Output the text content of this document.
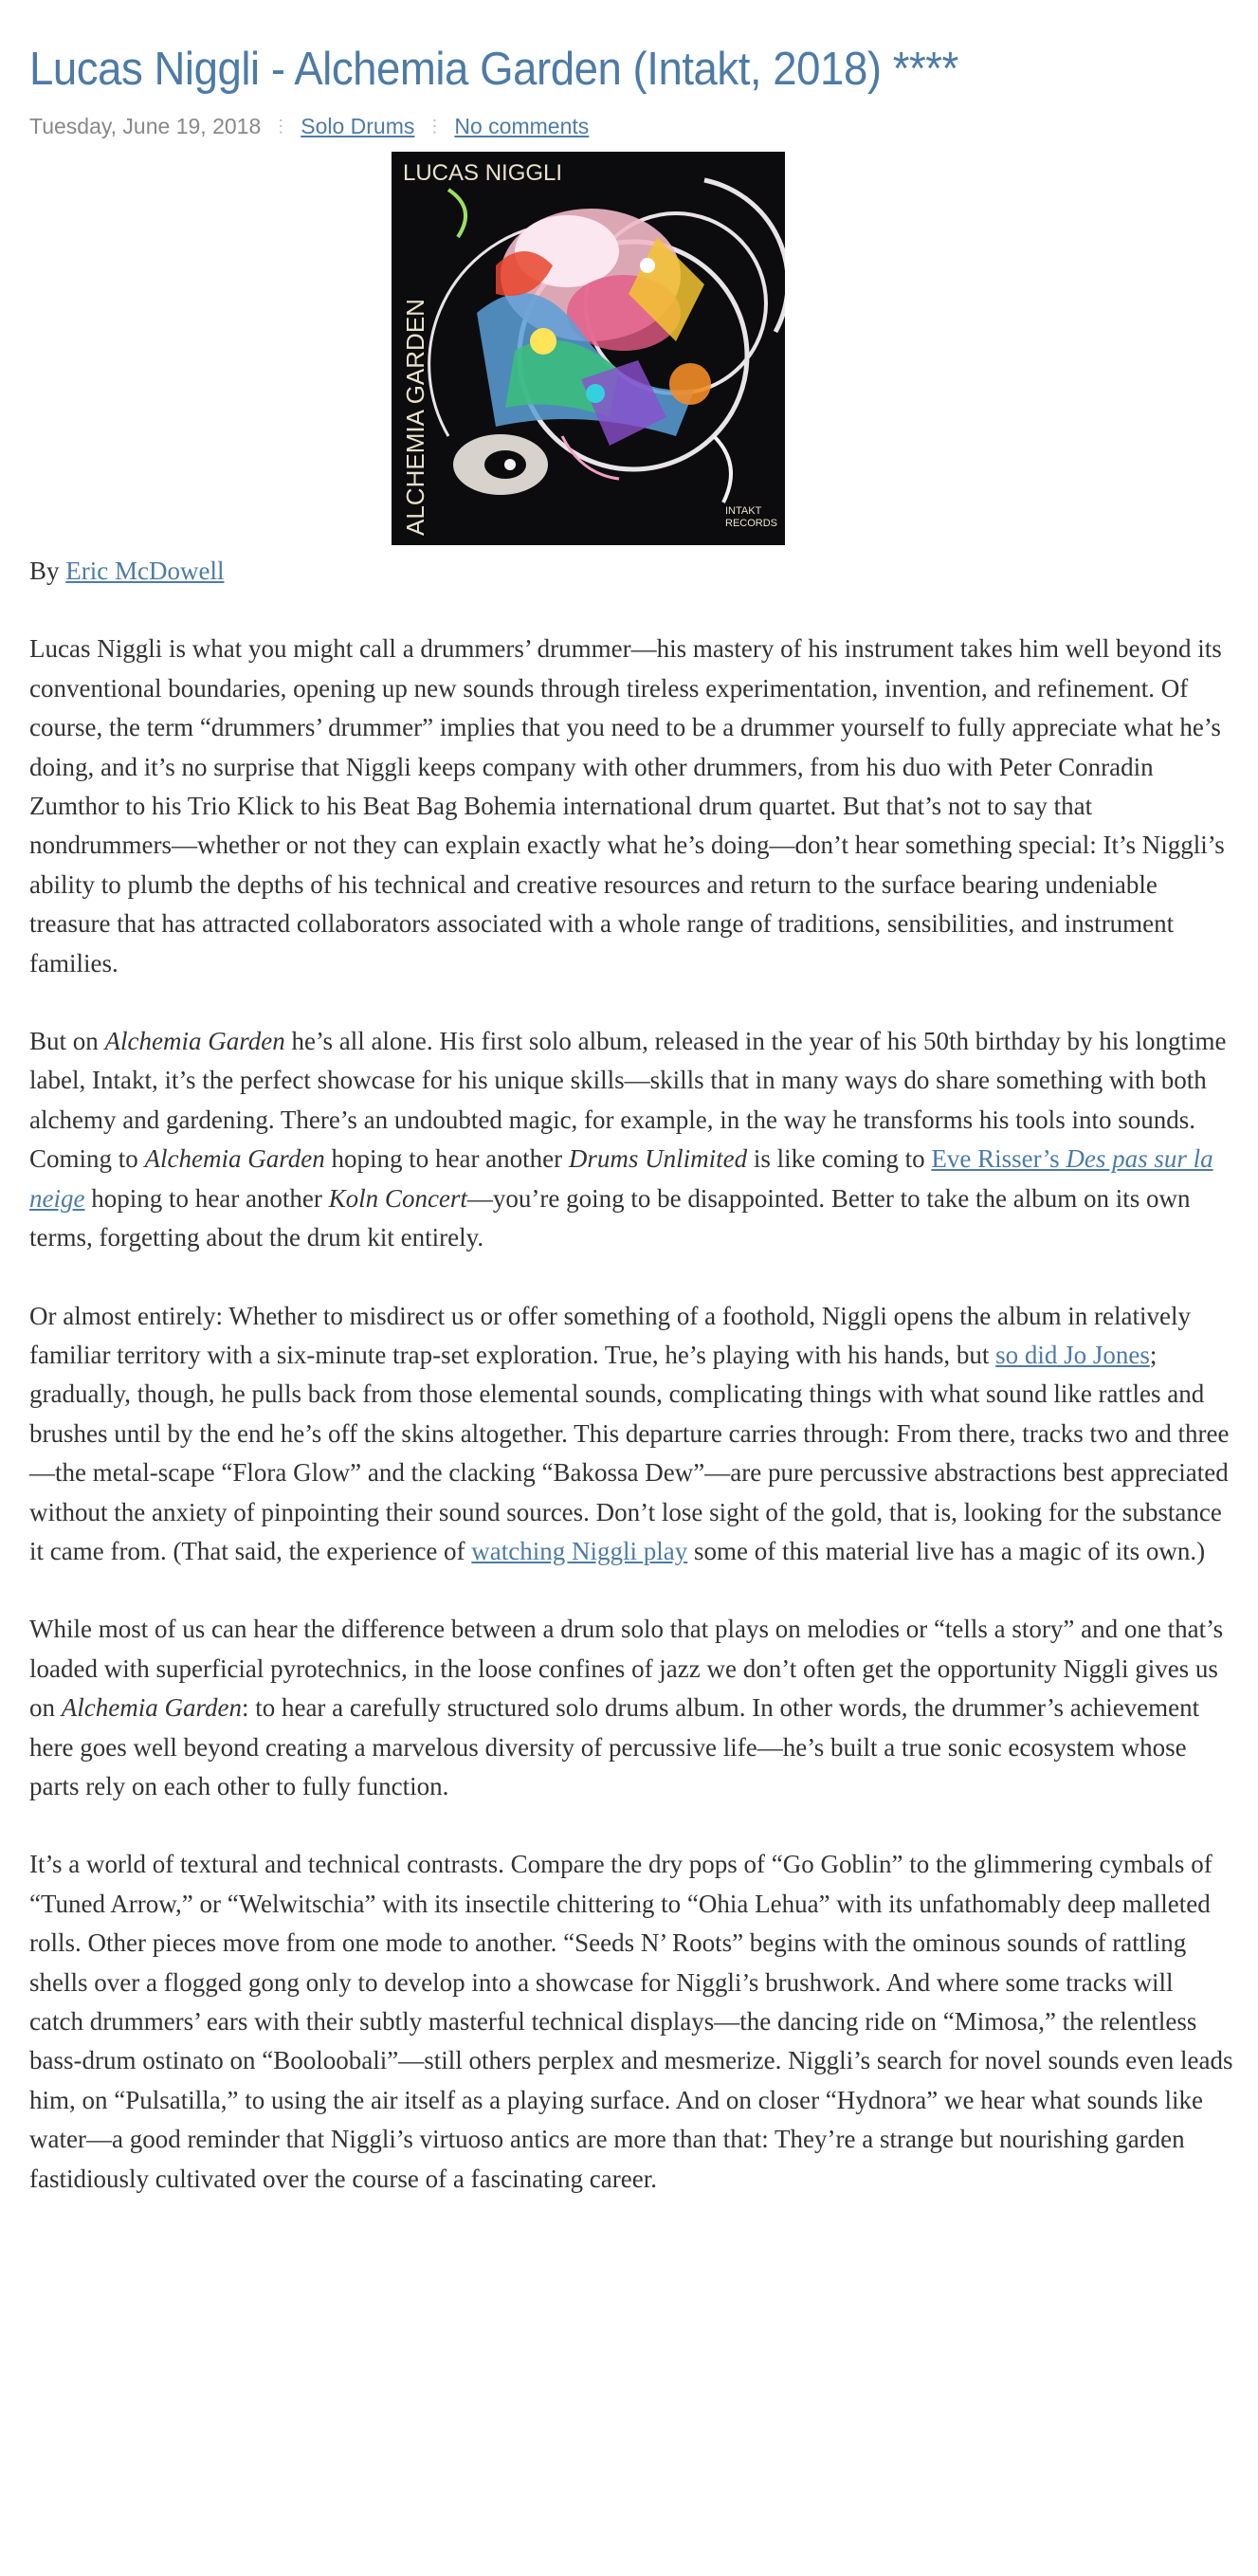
Lucas Niggli - Alchemia Garden (Intakt, 2018) ****
Tuesday, June 19, 2018 ⋮ Solo Drums ⋮ No comments
LUCAS NIGGLI
ALCHEMIA GARDEN	INTAKT
RECORDS

By Eric McDowell

Lucas Niggli is what you might call a drummers’ drummer—his mastery of his instrument takes him well beyond its conventional boundaries, opening up new sounds through tireless experimentation, invention, and refinement. Of course, the term “drummers’ drummer” implies that you need to be a drummer yourself to fully appreciate what he’s doing, and it’s no surprise that Niggli keeps company with other drummers, from his duo with Peter Conradin Zumthor to his Trio Klick to his Beat Bag Bohemia international drum quartet. But that’s not to say that nondrummers—whether or not they can explain exactly what he’s doing—don’t hear something special: It’s Niggli’s ability to plumb the depths of his technical and creative resources and return to the surface bearing undeniable treasure that has attracted collaborators associated with a whole range of traditions, sensibilities, and instrument families.

But on Alchemia Garden he’s all alone. His first solo album, released in the year of his 50th birthday by his longtime label, Intakt, it’s the perfect showcase for his unique skills—skills that in many ways do share something with both alchemy and gardening. There’s an undoubted magic, for example, in the way he transforms his tools into sounds. Coming to Alchemia Garden hoping to hear another Drums Unlimited is like coming to Eve Risser’s Des pas sur la neige hoping to hear another Koln Concert—you’re going to be disappointed. Better to take the album on its own terms, forgetting about the drum kit entirely.

Or almost entirely: Whether to misdirect us or offer something of a foothold, Niggli opens the album in relatively familiar territory with a six-minute trap-set exploration. True, he’s playing with his hands, but so did Jo Jones; gradually, though, he pulls back from those elemental sounds, complicating things with what sound like rattles and brushes until by the end he’s off the skins altogether. This departure carries through: From there, tracks two and three—the metal-scape “Flora Glow” and the clacking “Bakossa Dew”—are pure percussive abstractions best appreciated without the anxiety of pinpointing their sound sources. Don’t lose sight of the gold, that is, looking for the substance it came from. (That said, the experience of watching Niggli play some of this material live has a magic of its own.)

While most of us can hear the difference between a drum solo that plays on melodies or “tells a story” and one that’s loaded with superficial pyrotechnics, in the loose confines of jazz we don’t often get the opportunity Niggli gives us on Alchemia Garden: to hear a carefully structured solo drums album. In other words, the drummer’s achievement here goes well beyond creating a marvelous diversity of percussive life—he’s built a true sonic ecosystem whose parts rely on each other to fully function.

It’s a world of textural and technical contrasts. Compare the dry pops of “Go Goblin” to the glimmering cymbals of “Tuned Arrow,” or “Welwitschia” with its insectile chittering to “Ohia Lehua” with its unfathomably deep malleted rolls. Other pieces move from one mode to another. “Seeds N’ Roots” begins with the ominous sounds of rattling shells over a flogged gong only to develop into a showcase for Niggli’s brushwork. And where some tracks will catch drummers’ ears with their subtly masterful technical displays—the dancing ride on “Mimosa,” the relentless bass-drum ostinato on “Booloobali”—still others perplex and mesmerize. Niggli’s search for novel sounds even leads him, on “Pulsatilla,” to using the air itself as a playing surface. And on closer “Hydnora” we hear what sounds like water—a good reminder that Niggli’s virtuoso antics are more than that: They’re a strange but nourishing garden fastidiously cultivated over the course of a fascinating career.
